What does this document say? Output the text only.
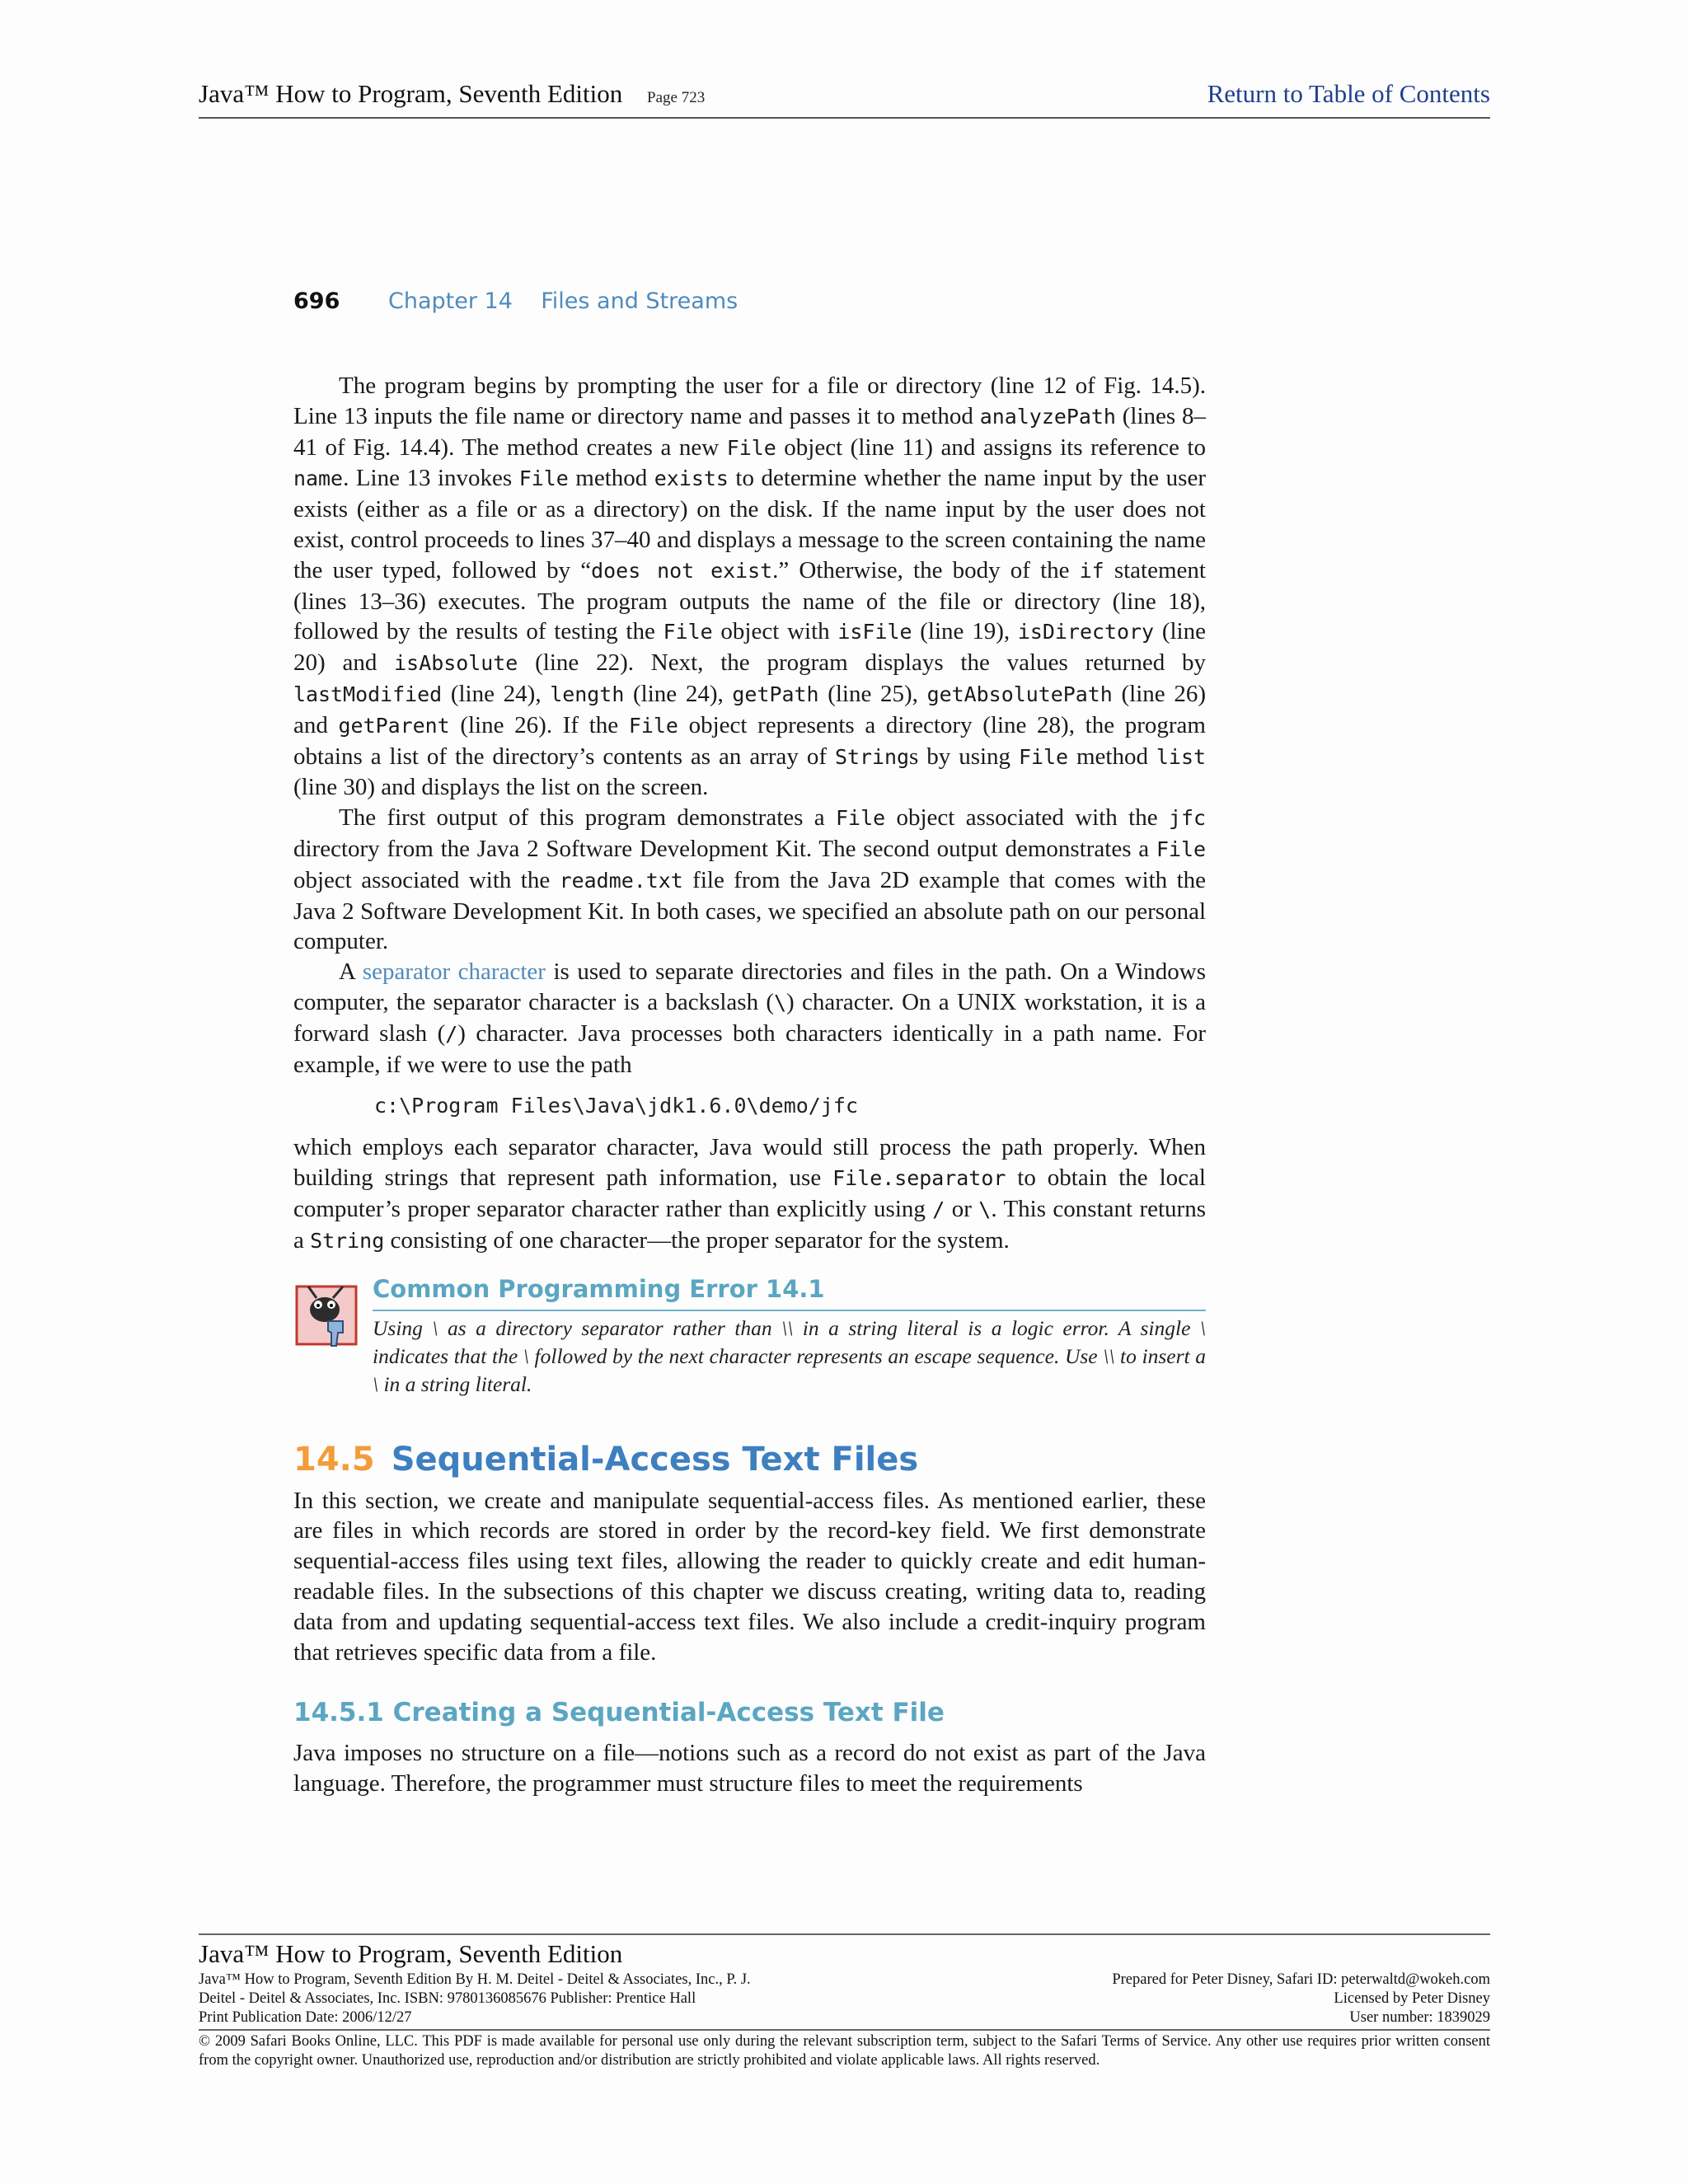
Java™ How to Program, Seventh Edition Page 723	Return to Table of Contents
696 Chapter 14    Files and Streams

The program begins by prompting the user for a file or directory (line 12 of Fig. 14.5). Line 13 inputs the file name or directory name and passes it to method analyzePath (lines 8–41 of Fig. 14.4). The method creates a new File object (line 11) and assigns its reference to name. Line 13 invokes File method exists to determine whether the name input by the user exists (either as a file or as a directory) on the disk. If the name input by the user does not exist, control proceeds to lines 37–40 and displays a message to the screen containing the name the user typed, followed by “does not exist.” Otherwise, the body of the if statement (lines 13–36) executes. The program outputs the name of the file or directory (line 18), followed by the results of testing the File object with isFile (line 19), isDirectory (line 20) and isAbsolute (line 22). Next, the program displays the values returned by lastModified (line 24), length (line 24), getPath (line 25), getAbsolutePath (line 26) and getParent (line 26). If the File object represents a directory (line 28), the program obtains a list of the directory’s contents as an array of Strings by using File method list (line 30) and displays the list on the screen.

The first output of this program demonstrates a File object associated with the jfc directory from the Java 2 Software Development Kit. The second output demonstrates a File object associated with the readme.txt file from the Java 2D example that comes with the Java 2 Software Development Kit. In both cases, we specified an absolute path on our personal computer.

A separator character is used to separate directories and files in the path. On a Windows computer, the separator character is a backslash (\) character. On a UNIX workstation, it is a forward slash (/) character. Java processes both characters identically in a path name. For example, if we were to use the path

c:\Program Files\Java\jdk1.6.0\demo/jfc

which employs each separator character, Java would still process the path properly. When building strings that represent path information, use File.separator to obtain the local computer’s proper separator character rather than explicitly using / or \. This constant returns a String consisting of one character—the proper separator for the system.

Common Programming Error 14.1
Using \ as a directory separator rather than \\ in a string literal is a logic error. A single \ indicates that the \ followed by the next character represents an escape sequence. Use \\ to insert a \ in a string literal.
14.5 Sequential-Access Text Files

In this section, we create and manipulate sequential-access files. As mentioned earlier, these are files in which records are stored in order by the record-key field. We first demonstrate sequential-access files using text files, allowing the reader to quickly create and edit human-readable files. In the subsections of this chapter we discuss creating, writing data to, reading data from and updating sequential-access text files. We also include a credit-inquiry program that retrieves specific data from a file.

14.5.1 Creating a Sequential-Access Text File

Java imposes no structure on a file—notions such as a record do not exist as part of the Java language. Therefore, the programmer must structure files to meet the requirements

Java™ How to Program, Seventh Edition
Java™ How to Program, Seventh Edition By H. M. Deitel - Deitel & Associates, Inc., P. J.	Prepared for Peter Disney, Safari ID: peterwaltd@wokeh.com
Deitel - Deitel & Associates, Inc. ISBN: 9780136085676 Publisher: Prentice Hall	Licensed by Peter Disney
Print Publication Date: 2006/12/27	User number: 1839029
© 2009 Safari Books Online, LLC. This PDF is made available for personal use only during the relevant subscription term, subject to the Safari Terms of Service. Any other use requires prior written consent from the copyright owner. Unauthorized use, reproduction and/or distribution are strictly prohibited and violate applicable laws. All rights reserved.
